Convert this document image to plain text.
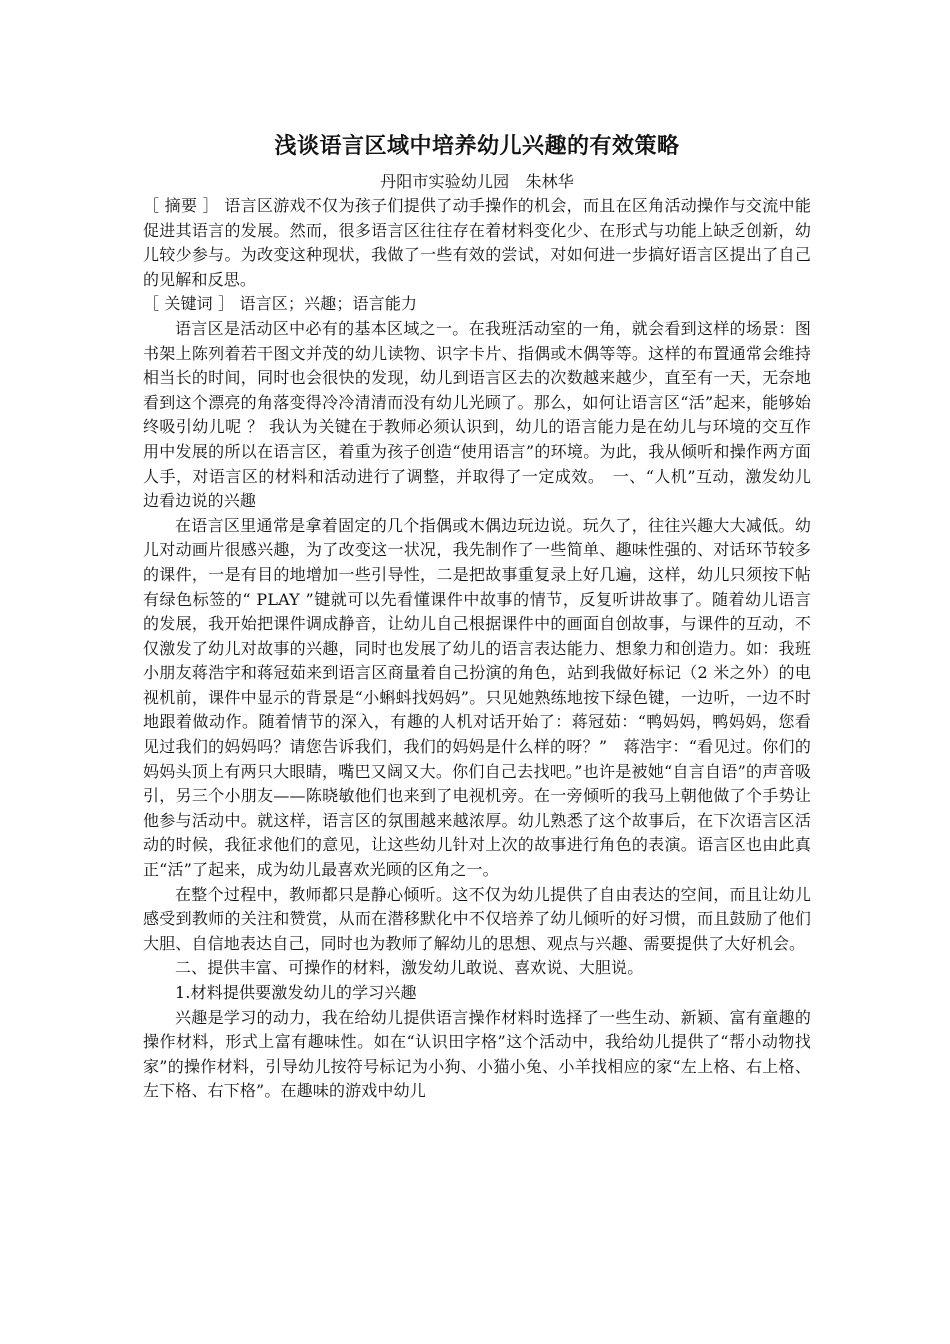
浅谈语言区域中培养幼儿兴趣的有效策略
丹阳市实验幼儿园　朱林华

［ 摘要 ］ 语言区游戏不仅为孩子们提供了动手操作的机会，而且在区角活动操作与交流中能促进其语言的发展。然而，很多语言区往往存在着材料变化少、在形式与功能上缺乏创新，幼儿较少参与。为改变这种现状，我做了一些有效的尝试，对如何进一步搞好语言区提出了自己的见解和反思。

［ 关键词 ］ 语言区；兴趣；语言能力

语言区是活动区中必有的基本区域之一。在我班活动室的一角，就会看到这样的场景：图书架上陈列着若干图文并茂的幼儿读物、识字卡片、指偶或木偶等等。这样的布置通常会维持相当长的时间，同时也会很快的发现，幼儿到语言区去的次数越来越少，直至有一天，无奈地看到这个漂亮的角落变得冷冷清清而没有幼儿光顾了。那么，如何让语言区“活”起来，能够始终吸引幼儿呢 ？ 我认为关键在于教师必须认识到，幼儿的语言能力是在幼儿与环境的交互作用中发展的所以在语言区，着重为孩子创造“使用语言”的环境。为此，我从倾听和操作两方面人手，对语言区的材料和活动进行了调整，并取得了一定成效。　一、“人机”互动，激发幼儿边看边说的兴趣

在语言区里通常是拿着固定的几个指偶或木偶边玩边说。玩久了，往往兴趣大大减低。幼儿对动画片很感兴趣，为了改变这一状况，我先制作了一些简单、趣味性强的、对话环节较多的课件，一是有目的地增加一些引导性，二是把故事重复录上好几遍，这样，幼儿只须按下帖有绿色标签的“ PLAY ”键就可以先看懂课件中故事的情节，反复听讲故事了。随着幼儿语言的发展，我开始把课件调成静音，让幼儿自己根据课件中的画面自创故事，与课件的互动，不仅激发了幼儿对故事的兴趣，同时也发展了幼儿的语言表达能力、想象力和创造力。如：我班小朋友蒋浩宇和蒋冠茹来到语言区商量着自己扮演的角色，站到我做好标记（2 米之外）的电视机前，课件中显示的背景是“小蝌蚪找妈妈”。只见她熟练地按下绿色键，一边听，一边不时地跟着做动作。随着情节的深入，有趣的人机对话开始了：蒋冠茹：“鸭妈妈，鸭妈妈，您看见过我们的妈妈吗？请您告诉我们，我们的妈妈是什么样的呀？”　蒋浩宇：“看见过。你们的妈妈头顶上有两只大眼睛，嘴巴又阔又大。你们自己去找吧。”也许是被她“自言自语”的声音吸引，另三个小朋友——陈晓敏他们也来到了电视机旁。在一旁倾听的我马上朝他做了个手势让他参与活动中。就这样，语言区的氛围越来越浓厚。幼儿熟悉了这个故事后，在下次语言区活动的时候，我征求他们的意见，让这些幼儿针对上次的故事进行角色的表演。语言区也由此真正“活”了起来，成为幼儿最喜欢光顾的区角之一。

在整个过程中，教师都只是静心倾听。这不仅为幼儿提供了自由表达的空间，而且让幼儿感受到教师的关注和赞赏，从而在潜移默化中不仅培养了幼儿倾听的好习惯，而且鼓励了他们大胆、自信地表达自己，同时也为教师了解幼儿的思想、观点与兴趣、需要提供了大好机会。

二、提供丰富、可操作的材料，激发幼儿敢说、喜欢说、大胆说。

1.材料提供要激发幼儿的学习兴趣

兴趣是学习的动力，我在给幼儿提供语言操作材料时选择了一些生动、新颖、富有童趣的操作材料，形式上富有趣味性。如在“认识田字格”这个活动中，我给幼儿提供了“帮小动物找家”的操作材料，引导幼儿按符号标记为小狗、小猫小兔、小羊找相应的家“左上格、右上格、左下格、右下格”。在趣味的游戏中幼儿
